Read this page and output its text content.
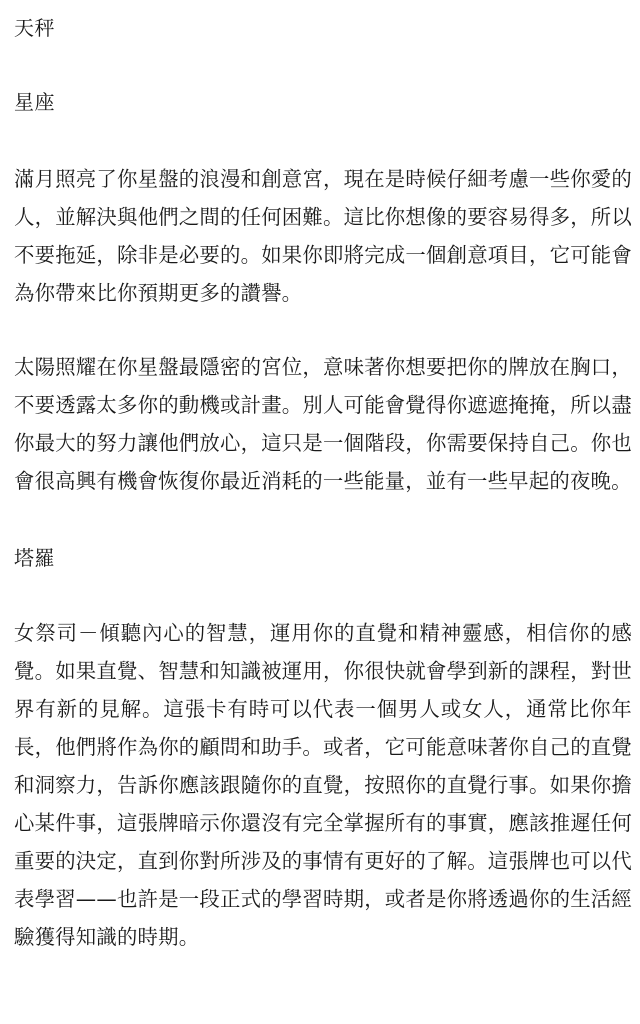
天秤
星座

滿月照亮了你星盤的浪漫和創意宮，現在是時候仔細考慮一些你愛的人，並解決與他們之間的任何困難。這比你想像的要容易得多，所以不要拖延，除非是必要的。如果你即將完成一個創意項目，它可能會為你帶來比你預期更多的讚譽。

太陽照耀在你星盤最隱密的宮位，意味著你想要把你的牌放在胸口，不要透露太多你的動機或計畫。別人可能會覺得你遮遮掩掩，所以盡你最大的努力讓他們放心，這只是一個階段，你需要保持自己。你也會很高興有機會恢復你最近消耗的一些能量，並有一些早起的夜晚。

塔羅

女祭司－傾聽內心的智慧，運用你的直覺和精神靈感，相信你的感覺。如果直覺、智慧和知識被運用，你很快就會學到新的課程，對世界有新的見解。這張卡有時可以代表一個男人或女人，通常比你年長，他們將作為你的顧問和助手。或者，它可能意味著你自己的直覺和洞察力，告訴你應該跟隨你的直覺，按照你的直覺行事。如果你擔心某件事，這張牌暗示你還沒有完全掌握所有的事實，應該推遲任何重要的決定，直到你對所涉及的事情有更好的了解。這張牌也可以代表學習——也許是一段正式的學習時期，或者是你將透過你的生活經驗獲得知識的時期。
